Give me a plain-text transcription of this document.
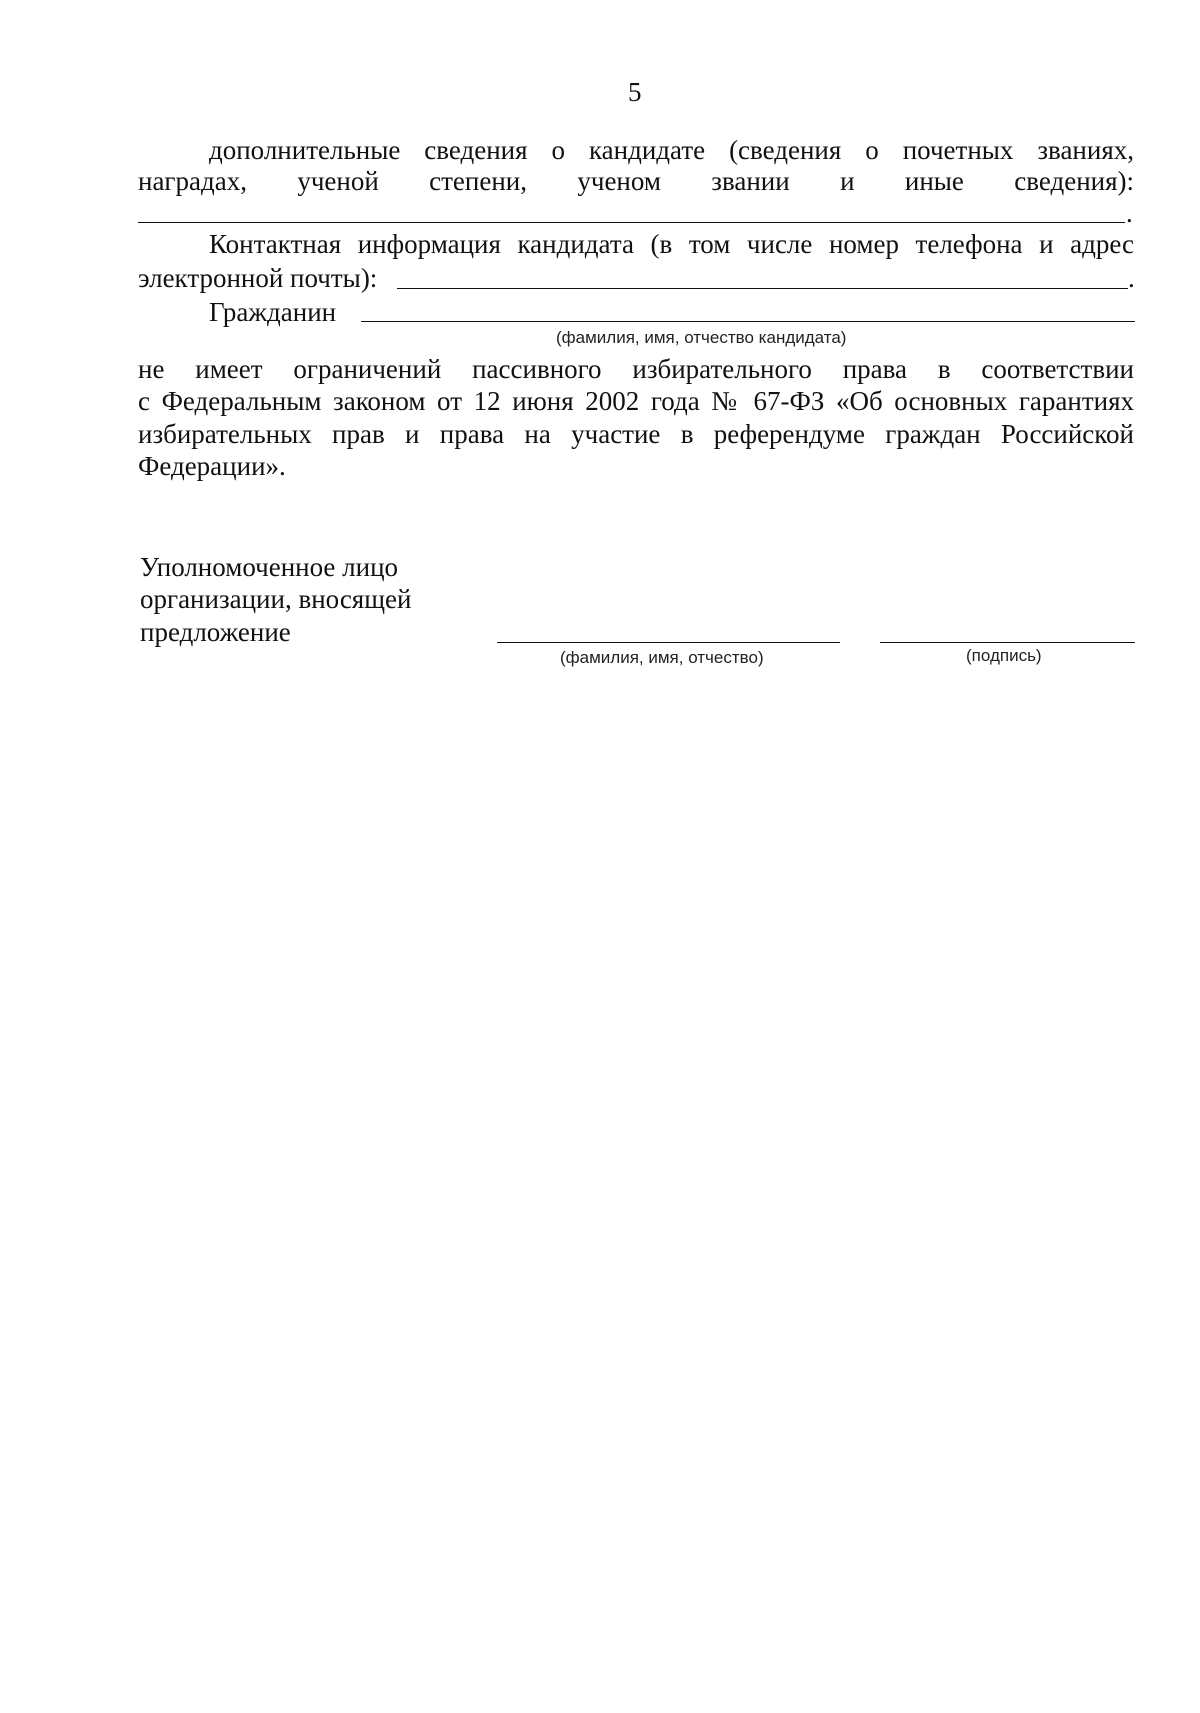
5
дополнительные сведения о кандидате (сведения о почетных званиях,
наградах, ученой степени, ученом звании и иные сведения):
.
Контактная информация кандидата (в том числе номер телефона и адрес
электронной почты):	.
Гражданин
(фамилия, имя, отчество кандидата)
не имеет ограничений пассивного избирательного права в соответствии
с Федеральным законом от 12 июня 2002 года № 67-ФЗ «Об основных гарантиях
избирательных прав и права на участие в референдуме граждан Российской
Федерации».
Уполномоченное лицо
организации, вносящей
предложение
(фамилия, имя, отчество)	(подпись)
